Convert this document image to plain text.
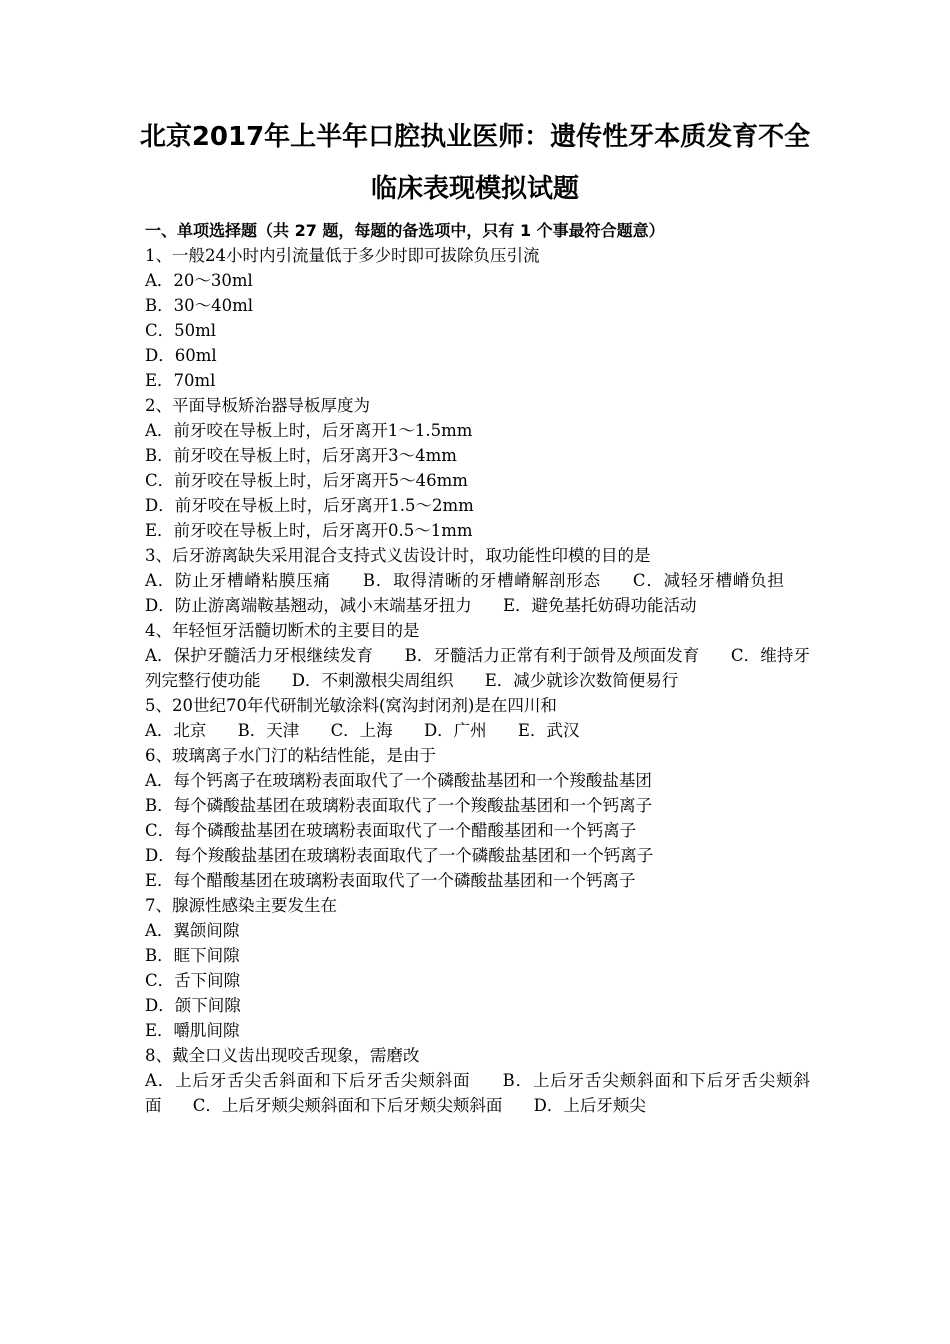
北京2017年上半年口腔执业医师：遗传性牙本质发育不全
临床表现模拟试题
一、单项选择题（共 27 题，每题的备选项中，只有 1 个事最符合题意）
1、一般24小时内引流量低于多少时即可拔除负压引流
A．20～30ml
B．30～40ml
C．50ml
D．60ml
E．70ml
2、平面导板矫治器导板厚度为
A．前牙咬在导板上时，后牙离开1～1.5mm
B．前牙咬在导板上时，后牙离开3～4mm
C．前牙咬在导板上时，后牙离开5～46mm
D．前牙咬在导板上时，后牙离开1.5～2mm
E．前牙咬在导板上时，后牙离开0.5～1mm
3、后牙游离缺失采用混合支持式义齿设计时，取功能性印模的目的是
A．防止牙槽嵴粘膜压痛 B．取得清晰的牙槽嵴解剖形态 C．减轻牙槽嵴负担 D．防止游离端鞍基翘动，减小末端基牙扭力 E．避免基托妨碍功能活动
4、年轻恒牙活髓切断术的主要目的是
A．保护牙髓活力牙根继续发育 B．牙髓活力正常有利于颌骨及颅面发育 C．维持牙列完整行使功能 D．不刺激根尖周组织 E．减少就诊次数简便易行
5、20世纪70年代研制光敏涂料(窝沟封闭剂)是在四川和
A．北京 B．天津 C．上海 D．广州 E．武汉
6、玻璃离子水门汀的粘结性能，是由于
A．每个钙离子在玻璃粉表面取代了一个磷酸盐基团和一个羧酸盐基团
B．每个磷酸盐基团在玻璃粉表面取代了一个羧酸盐基团和一个钙离子
C．每个磷酸盐基团在玻璃粉表面取代了一个醋酸基团和一个钙离子
D．每个羧酸盐基团在玻璃粉表面取代了一个磷酸盐基团和一个钙离子
E．每个醋酸基团在玻璃粉表面取代了一个磷酸盐基团和一个钙离子
7、腺源性感染主要发生在
A．翼颌间隙
B．眶下间隙
C．舌下间隙
D．颌下间隙
E．嚼肌间隙
8、戴全口义齿出现咬舌现象，需磨改
A．上后牙舌尖舌斜面和下后牙舌尖颊斜面 B．上后牙舌尖颊斜面和下后牙舌尖颊斜面 C．上后牙颊尖颊斜面和下后牙颊尖颊斜面 D．上后牙颊尖
